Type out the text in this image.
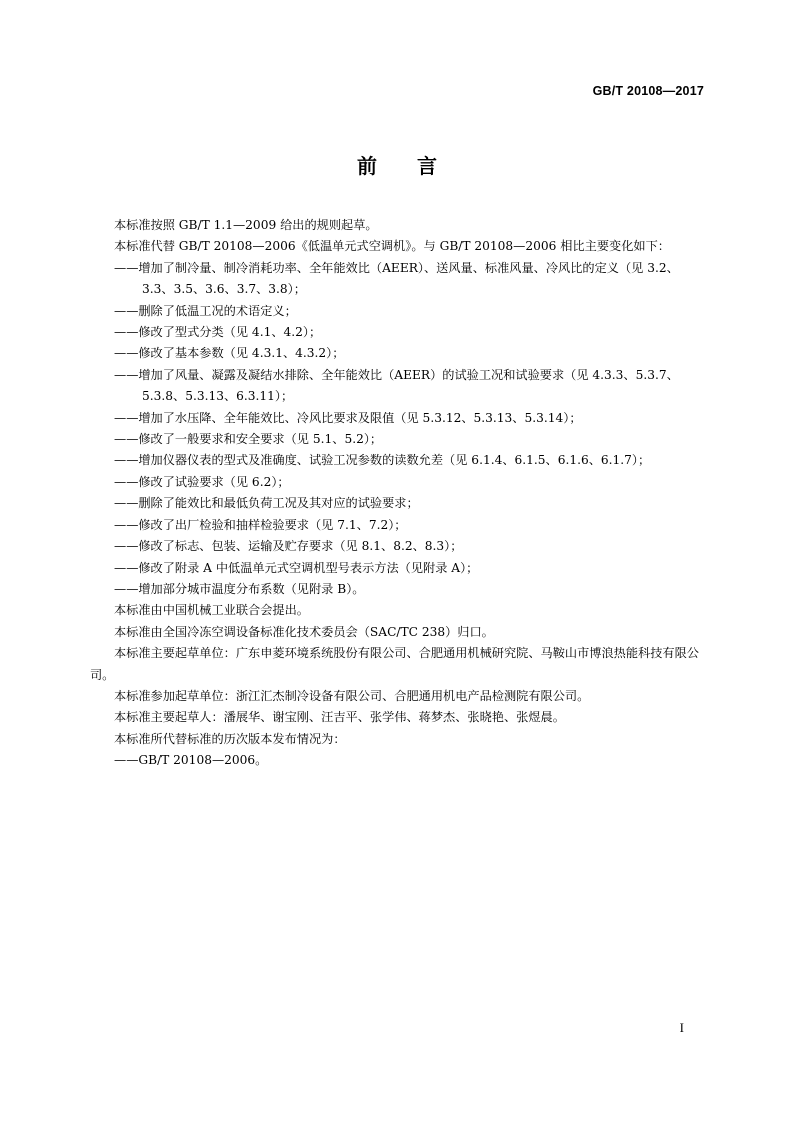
GB/T 20108—2017
前言

本标准按照 GB/T 1.1—2009 给出的规则起草。

本标准代替 GB/T 20108—2006《低温单元式空调机》。与 GB/T 20108—2006 相比主要变化如下：

——增加了制冷量、制冷消耗功率、全年能效比（AEER）、送风量、标准风量、冷风比的定义（见 3.2、3.3、3.5、3.6、3.7、3.8）；

——删除了低温工况的术语定义；

——修改了型式分类（见 4.1、4.2）；

——修改了基本参数（见 4.3.1、4.3.2）；

——增加了风量、凝露及凝结水排除、全年能效比（AEER）的试验工况和试验要求（见 4.3.3、5.3.7、5.3.8、5.3.13、6.3.11）；

——增加了水压降、全年能效比、冷风比要求及限值（见 5.3.12、5.3.13、5.3.14）；

——修改了一般要求和安全要求（见 5.1、5.2）；

——增加仪器仪表的型式及准确度、试验工况参数的读数允差（见 6.1.4、6.1.5、6.1.6、6.1.7）；

——修改了试验要求（见 6.2）；

——删除了能效比和最低负荷工况及其对应的试验要求；

——修改了出厂检验和抽样检验要求（见 7.1、7.2）；

——修改了标志、包装、运输及贮存要求（见 8.1、8.2、8.3）；

——修改了附录 A 中低温单元式空调机型号表示方法（见附录 A）；

——增加部分城市温度分布系数（见附录 B）。

本标准由中国机械工业联合会提出。

本标准由全国冷冻空调设备标准化技术委员会（SAC/TC 238）归口。

本标准主要起草单位：广东申菱环境系统股份有限公司、合肥通用机械研究院、马鞍山市博浪热能科技有限公司。

本标准参加起草单位：浙江汇杰制冷设备有限公司、合肥通用机电产品检测院有限公司。

本标准主要起草人：潘展华、谢宝刚、汪吉平、张学伟、蒋梦杰、张晓艳、张煜晨。

本标准所代替标准的历次版本发布情况为：

——GB/T 20108—2006。

I
